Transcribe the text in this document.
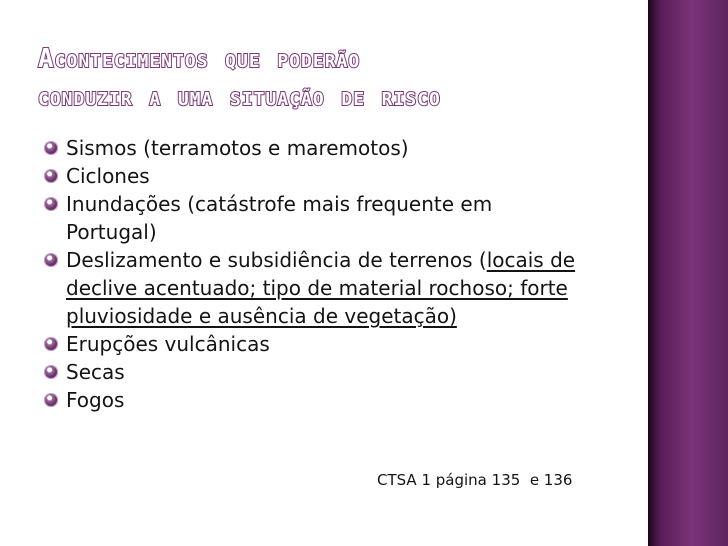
Acontecimentos que poderão
conduzir a uma situação de risco
Sismos (terramotos e maremotos)
Ciclones
Inundações (catástrofe mais frequente em Portugal)
Deslizamento e subsidiência de terrenos (locais de declive acentuado; tipo de material rochoso; forte pluviosidade e ausência de vegetação)
Erupções vulcânicas
Secas
Fogos
CTSA 1 página 135  e 136
